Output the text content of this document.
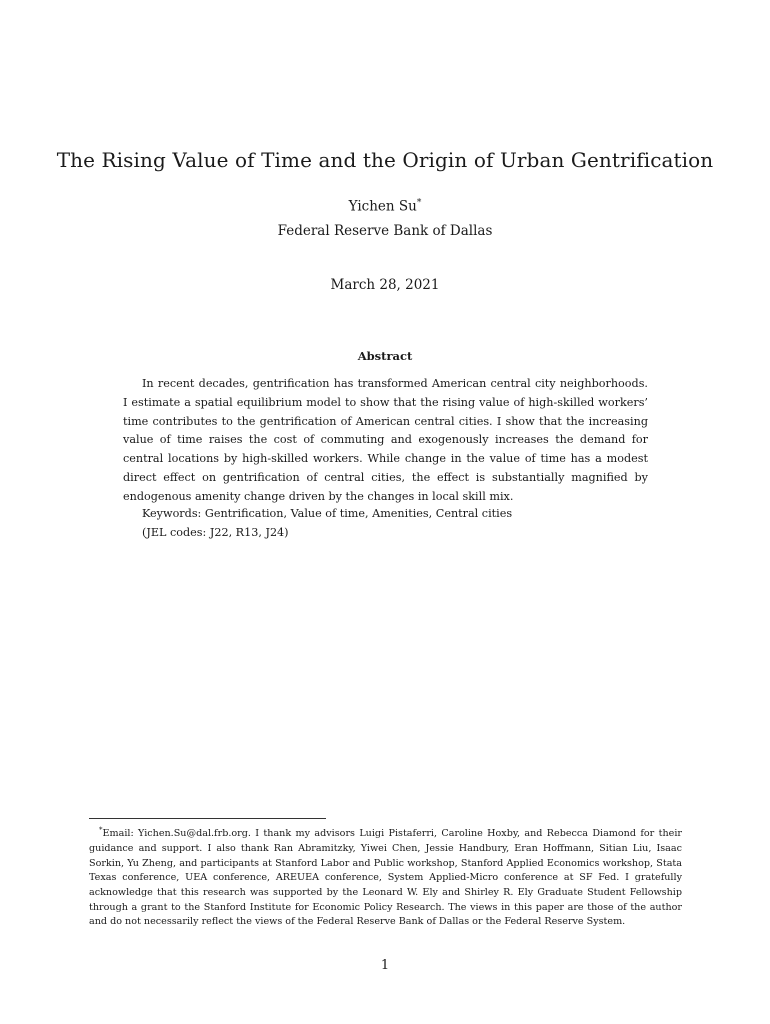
The Rising Value of Time and the Origin of Urban Gentrification
Yichen Su*
Federal Reserve Bank of Dallas
March 28, 2021
Abstract

In recent decades, gentrification has transformed American central city neighborhoods. I estimate a spatial equilibrium model to show that the rising value of high-skilled workers’ time contributes to the gentrification of American central cities. I show that the increasing value of time raises the cost of commuting and exogenously increases the demand for central locations by high-skilled workers. While change in the value of time has a modest direct effect on gentrification of central cities, the effect is substantially magnified by endogenous amenity change driven by the changes in local skill mix.

Keywords: Gentrification, Value of time, Amenities, Central cities
(JEL codes: J22, R13, J24)

*Email: Yichen.Su@dal.frb.org. I thank my advisors Luigi Pistaferri, Caroline Hoxby, and Rebecca Diamond for their guidance and support. I also thank Ran Abramitzky, Yiwei Chen, Jessie Handbury, Eran Hoffmann, Sitian Liu, Isaac Sorkin, Yu Zheng, and participants at Stanford Labor and Public workshop, Stanford Applied Economics workshop, Stata Texas conference, UEA conference, AREUEA conference, System Applied-Micro conference at SF Fed. I gratefully acknowledge that this research was supported by the Leonard W. Ely and Shirley R. Ely Graduate Student Fellowship through a grant to the Stanford Institute for Economic Policy Research. The views in this paper are those of the author and do not necessarily reflect the views of the Federal Reserve Bank of Dallas or the Federal Reserve System.

1
